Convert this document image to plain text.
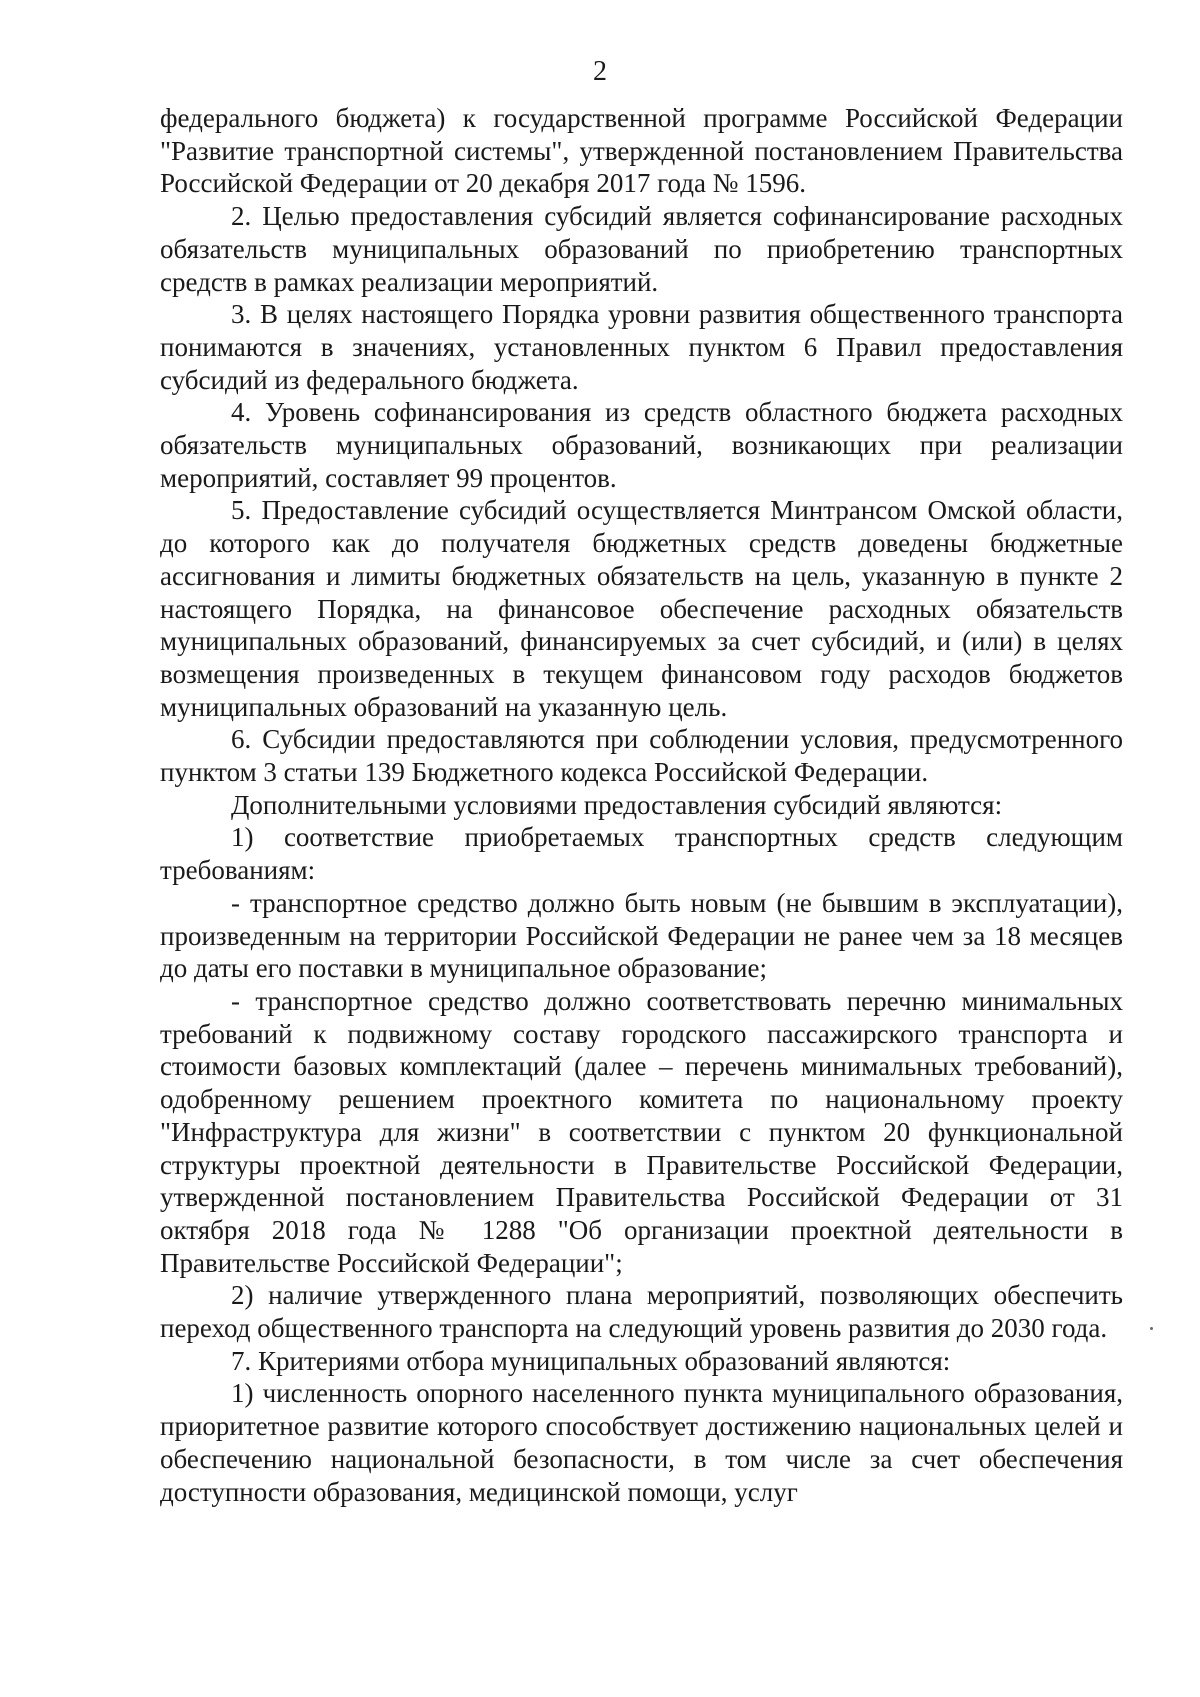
2

федерального бюджета) к государственной программе Российской Федерации "Развитие транспортной системы", утвержденной постановлением Правительства Российской Федерации от 20 декабря 2017 года № 1596.

2. Целью предоставления субсидий является софинансирование расходных обязательств муниципальных образований по приобретению транспортных средств в рамках реализации мероприятий.

3. В целях настоящего Порядка уровни развития общественного транспорта понимаются в значениях, установленных пунктом 6 Правил предоставления субсидий из федерального бюджета.

4. Уровень софинансирования из средств областного бюджета расходных обязательств муниципальных образований, возникающих при реализации мероприятий, составляет 99 процентов.

5. Предоставление субсидий осуществляется Минтрансом Омской области, до которого как до получателя бюджетных средств доведены бюджетные ассигнования и лимиты бюджетных обязательств на цель, указанную в пункте 2 настоящего Порядка, на финансовое обеспечение расходных обязательств муниципальных образований, финансируемых за счет субсидий, и (или) в целях возмещения произведенных в текущем финансовом году расходов бюджетов муниципальных образований на указанную цель.

6. Субсидии предоставляются при соблюдении условия, предусмотренного пунктом 3 статьи 139 Бюджетного кодекса Российской Федерации.

Дополнительными условиями предоставления субсидий являются:

1) соответствие приобретаемых транспортных средств следующим требованиям:

- транспортное средство должно быть новым (не бывшим в эксплуатации), произведенным на территории Российской Федерации не ранее чем за 18 месяцев до даты его поставки в муниципальное образование;

- транспортное средство должно соответствовать перечню минимальных требований к подвижному составу городского пассажирского транспорта и стоимости базовых комплектаций (далее – перечень минимальных требований), одобренному решением проектного комитета по национальному проекту "Инфраструктура для жизни" в соответствии с пунктом 20 функциональной структуры проектной деятельности в Правительстве Российской Федерации, утвержденной постановлением Правительства Российской Федерации от 31 октября 2018 года № 1288 "Об организации проектной деятельности в Правительстве Российской Федерации";

2) наличие утвержденного плана мероприятий, позволяющих обеспечить переход общественного транспорта на следующий уровень развития до 2030 года.

7. Критериями отбора муниципальных образований являются:

1) численность опорного населенного пункта муниципального образования, приоритетное развитие которого способствует достижению национальных целей и обеспечению национальной безопасности, в том числе за счет обеспечения доступности образования, медицинской помощи, услуг
